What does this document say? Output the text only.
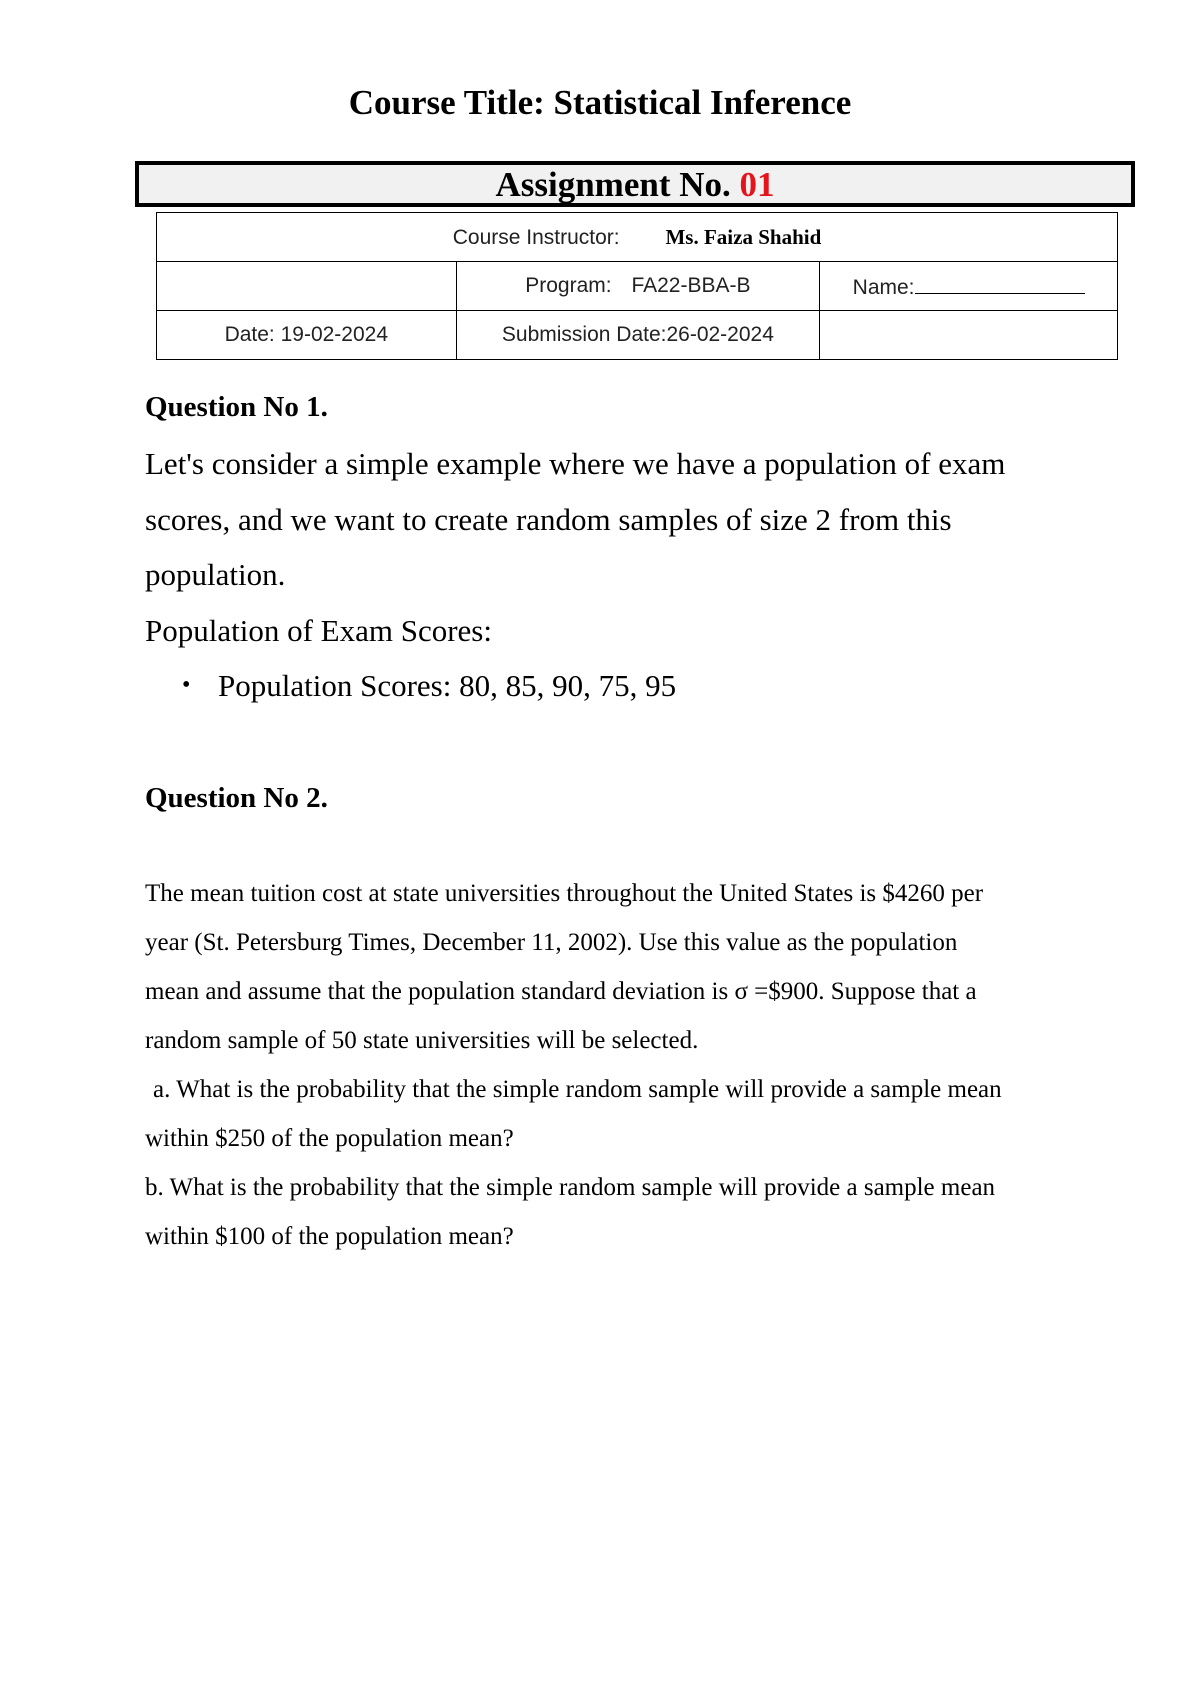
Course Title: Statistical Inference
Assignment No. 01
Course Instructor: Ms. Faiza Shahid		
	Program: FA22-BBA-B	Name:
Date: 19-02-2024	Submission Date:26-02-2024	
Question No 1.

Let's consider a simple example where we have a population of exam

scores, and we want to create random samples of size 2 from this

population.

Population of Exam Scores:

• Population Scores: 80, 85, 90, 75, 95

Question No 2.

The mean tuition cost at state universities throughout the United States is $4260 per

year (St. Petersburg Times, December 11, 2002). Use this value as the population

mean and assume that the population standard deviation is σ =$900. Suppose that a

random sample of 50 state universities will be selected.

a. What is the probability that the simple random sample will provide a sample mean

within $250 of the population mean?

b. What is the probability that the simple random sample will provide a sample mean

within $100 of the population mean?
